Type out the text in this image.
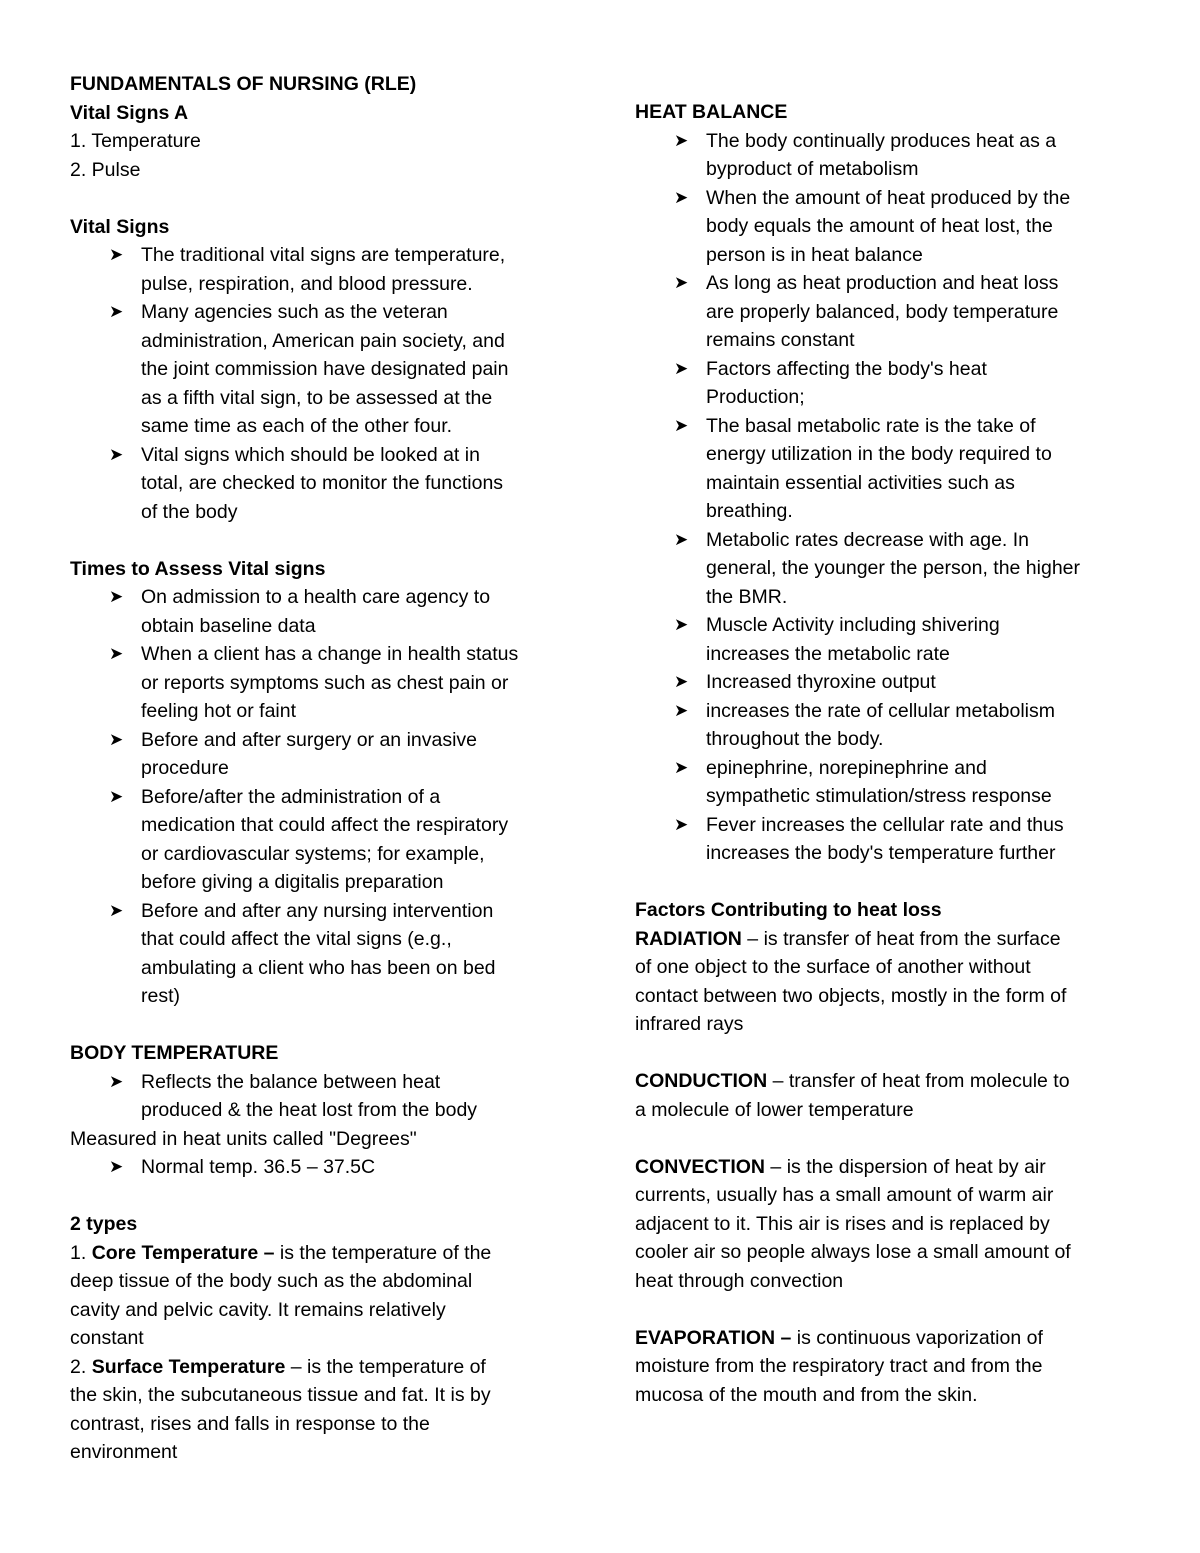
FUNDAMENTALS OF NURSING (RLE)
Vital Signs A
1. Temperature
2. Pulse
Vital Signs
➤ The traditional vital signs are temperature,
pulse, respiration, and blood pressure.
➤ Many agencies such as the veteran
administration, American pain society, and
the joint commission have designated pain
as a fifth vital sign, to be assessed at the
same time as each of the other four.
➤ Vital signs which should be looked at in
total, are checked to monitor the functions
of the body
Times to Assess Vital signs
➤ On admission to a health care agency to
obtain baseline data
➤ When a client has a change in health status
or reports symptoms such as chest pain or
feeling hot or faint
➤ Before and after surgery or an invasive
procedure
➤ Before/after the administration of a
medication that could affect the respiratory
or cardiovascular systems; for example,
before giving a digitalis preparation
➤ Before and after any nursing intervention
that could affect the vital signs (e.g.,
ambulating a client who has been on bed
rest)
BODY TEMPERATURE
➤ Reflects the balance between heat
produced & the heat lost from the body
Measured in heat units called "Degrees"
➤ Normal temp. 36.5 – 37.5C
2 types
1. Core Temperature – is the temperature of the
deep tissue of the body such as the abdominal
cavity and pelvic cavity. It remains relatively
constant
2. Surface Temperature – is the temperature of
the skin, the subcutaneous tissue and fat. It is by
contrast, rises and falls in response to the
environment
HEAT BALANCE
➤ The body continually produces heat as a
byproduct of metabolism
➤ When the amount of heat produced by the
body equals the amount of heat lost, the
person is in heat balance
➤ As long as heat production and heat loss
are properly balanced, body temperature
remains constant
➤ Factors affecting the body's heat
Production;
➤ The basal metabolic rate is the take of
energy utilization in the body required to
maintain essential activities such as
breathing.
➤ Metabolic rates decrease with age. In
general, the younger the person, the higher
the BMR.
➤ Muscle Activity including shivering
increases the metabolic rate
➤ Increased thyroxine output
➤ increases the rate of cellular metabolism
throughout the body.
➤ epinephrine, norepinephrine and
sympathetic stimulation/stress response
➤ Fever increases the cellular rate and thus
increases the body's temperature further
Factors Contributing to heat loss
RADIATION – is transfer of heat from the surface
of one object to the surface of another without
contact between two objects, mostly in the form of
infrared rays
CONDUCTION – transfer of heat from molecule to
a molecule of lower temperature
CONVECTION – is the dispersion of heat by air
currents, usually has a small amount of warm air
adjacent to it. This air is rises and is replaced by
cooler air so people always lose a small amount of
heat through convection
EVAPORATION – is continuous vaporization of
moisture from the respiratory tract and from the
mucosa of the mouth and from the skin.
